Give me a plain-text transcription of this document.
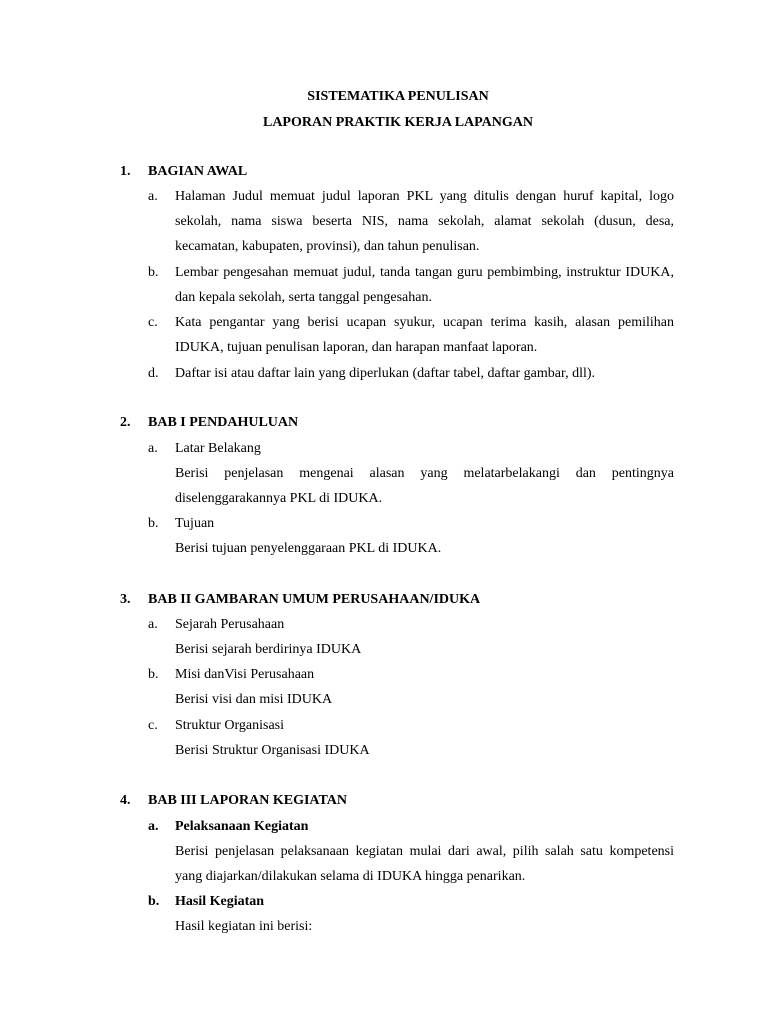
SISTEMATIKA PENULISAN
LAPORAN PRAKTIK KERJA LAPANGAN
1. BAGIAN AWAL
a. Halaman Judul memuat judul laporan PKL yang ditulis dengan huruf kapital, logo sekolah, nama siswa beserta NIS, nama sekolah, alamat sekolah (dusun, desa, kecamatan, kabupaten, provinsi), dan tahun penulisan.
b. Lembar pengesahan memuat judul, tanda tangan guru pembimbing, instruktur IDUKA, dan kepala sekolah, serta tanggal pengesahan.
c. Kata pengantar yang berisi ucapan syukur, ucapan terima kasih, alasan pemilihan IDUKA, tujuan penulisan laporan, dan harapan manfaat laporan.
d. Daftar isi atau daftar lain yang diperlukan (daftar tabel, daftar gambar, dll).
2. BAB I PENDAHULUAN
a. Latar Belakang
Berisi penjelasan mengenai alasan yang melatarbelakangi dan pentingnya diselenggarakannya PKL di IDUKA.
b. Tujuan
Berisi tujuan penyelenggaraan PKL di IDUKA.
3. BAB II GAMBARAN UMUM PERUSAHAAN/IDUKA
a. Sejarah Perusahaan
Berisi sejarah berdirinya IDUKA
b. Misi danVisi Perusahaan
Berisi visi dan misi IDUKA
c. Struktur Organisasi
Berisi Struktur Organisasi IDUKA
4. BAB III LAPORAN KEGIATAN
a. Pelaksanaan Kegiatan
Berisi penjelasan pelaksanaan kegiatan mulai dari awal, pilih salah satu kompetensi yang diajarkan/dilakukan selama di IDUKA hingga penarikan.
b. Hasil Kegiatan
Hasil kegiatan ini berisi:
